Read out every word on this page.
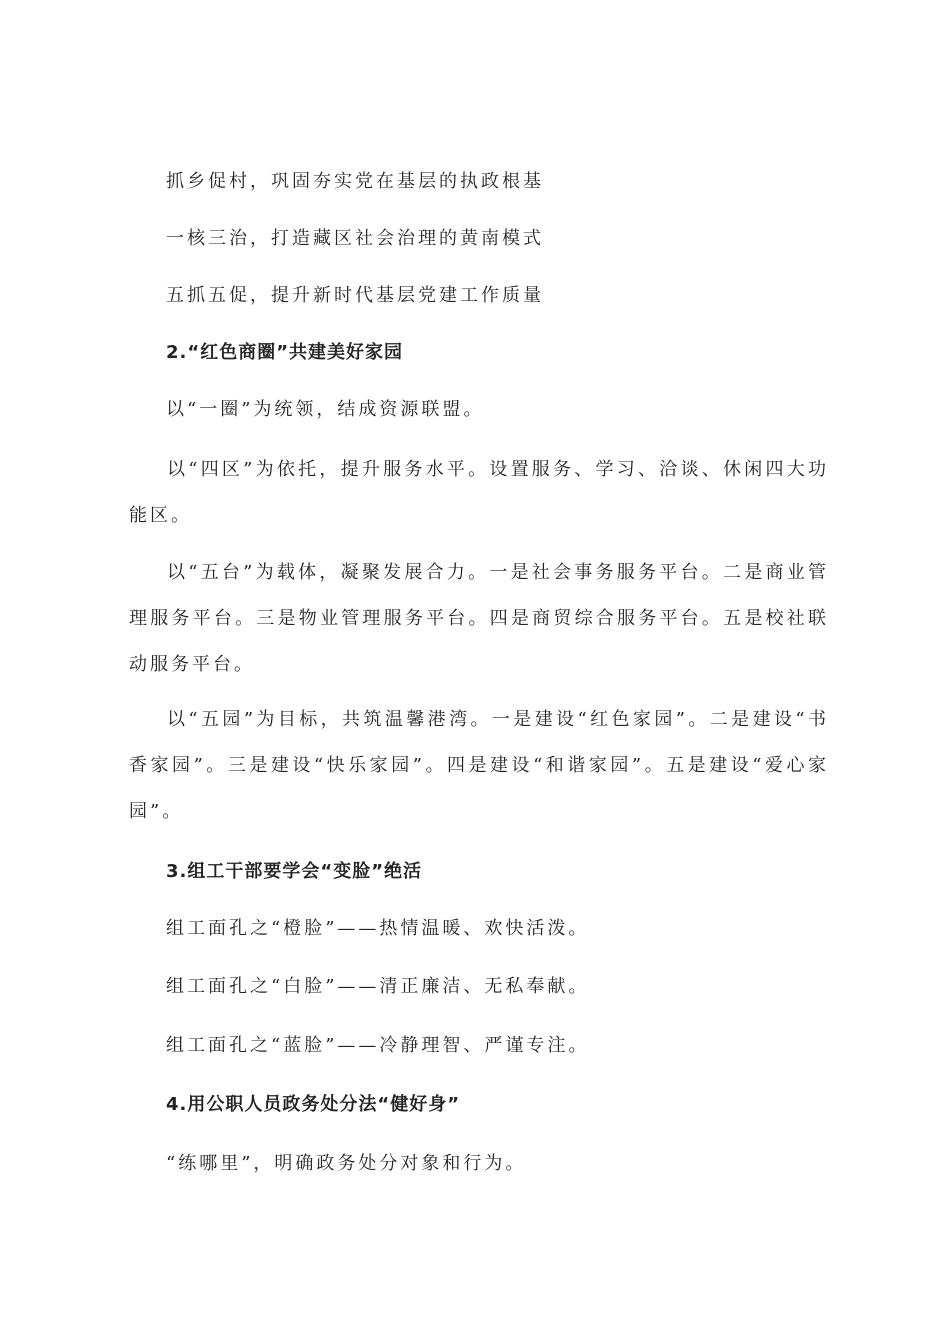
抓乡促村，巩固夯实党在基层的执政根基
一核三治，打造藏区社会治理的黄南模式
五抓五促，提升新时代基层党建工作质量
2.“红色商圈”共建美好家园
以“一圈”为统领，结成资源联盟。
以“四区”为依托，提升服务水平。设置服务、学习、洽谈、休闲四大功能区。
以“五台”为载体，凝聚发展合力。一是社会事务服务平台。二是商业管理服务平台。三是物业管理服务平台。四是商贸综合服务平台。五是校社联动服务平台。
以“五园”为目标，共筑温馨港湾。一是建设“红色家园”。二是建设“书香家园”。三是建设“快乐家园”。四是建设“和谐家园”。五是建设“爱心家园”。
3.组工干部要学会“变脸”绝活
组工面孔之“橙脸”——热情温暖、欢快活泼。
组工面孔之“白脸”——清正廉洁、无私奉献。
组工面孔之“蓝脸”——冷静理智、严谨专注。
4.用公职人员政务处分法“健好身”
“练哪里”，明确政务处分对象和行为。
